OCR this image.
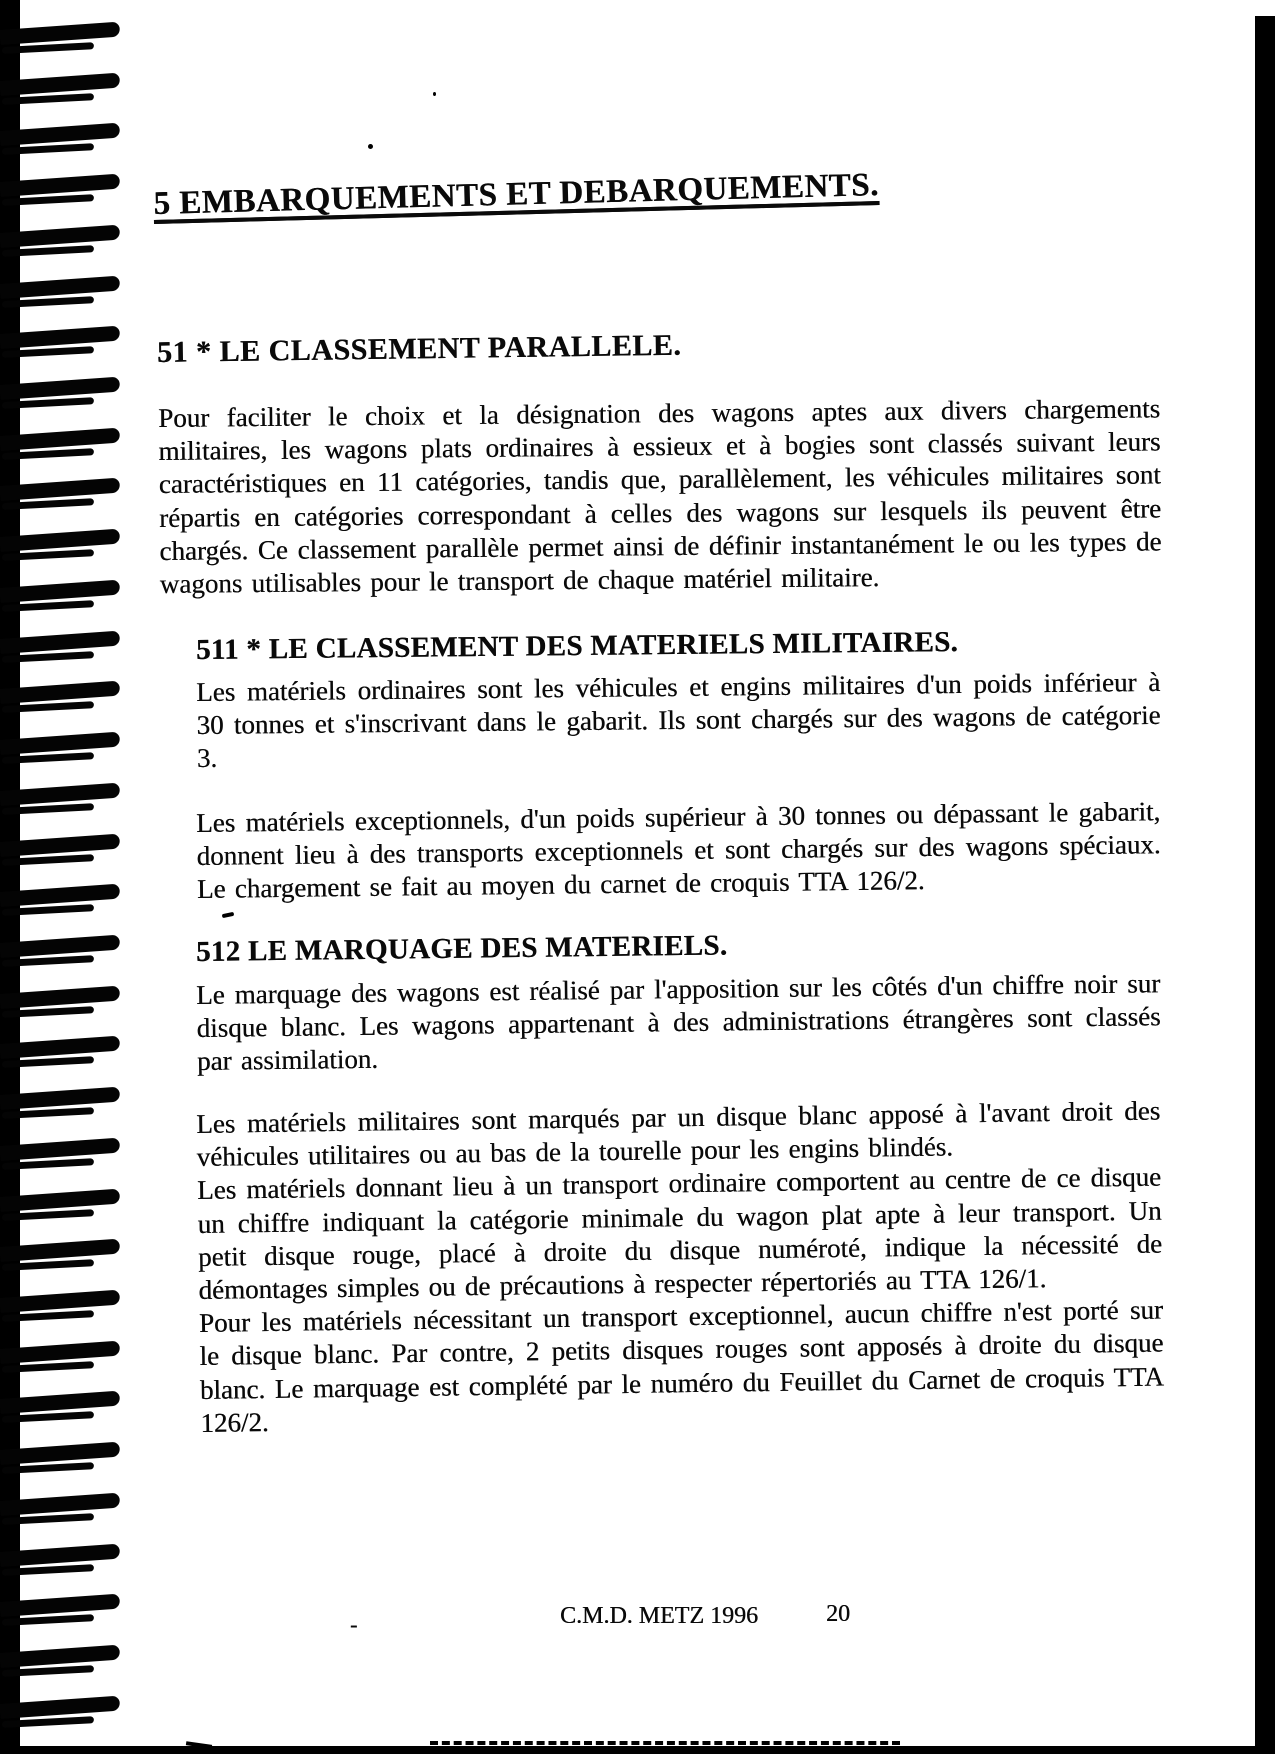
5 EMBARQUEMENTS ET DEBARQUEMENTS.
51 * LE CLASSEMENT PARALLELE.
Pour faciliter le choix et la désignation des wagons aptes aux divers chargements militaires, les wagons plats ordinaires à essieux et à bogies sont classés suivant leurs caractéristiques en 11 catégories, tandis que, parallèlement, les véhicules militaires sont répartis en catégories correspondant à celles des wagons sur lesquels ils peuvent être chargés. Ce classement parallèle permet ainsi de définir instantanément le ou les types de wagons utilisables pour le transport de chaque matériel militaire.
511 * LE CLASSEMENT DES MATERIELS MILITAIRES.
Les matériels ordinaires sont les véhicules et engins militaires d'un poids inférieur à 30 tonnes et s'inscrivant dans le gabarit. Ils sont chargés sur des wagons de catégorie 3.
Les matériels exceptionnels, d'un poids supérieur à 30 tonnes ou dépassant le gabarit, donnent lieu à des transports exceptionnels et sont chargés sur des wagons spéciaux. Le chargement se fait au moyen du carnet de croquis TTA 126/2.
512 LE MARQUAGE DES MATERIELS.
Le marquage des wagons est réalisé par l'apposition sur les côtés d'un chiffre noir sur disque blanc. Les wagons appartenant à des administrations étrangères sont classés par assimilation.

Les matériels militaires sont marqués par un disque blanc apposé à l'avant droit des véhicules utilitaires ou au bas de la tourelle pour les engins blindés.

Les matériels donnant lieu à un transport ordinaire comportent au centre de ce disque un chiffre indiquant la catégorie minimale du wagon plat apte à leur transport. Un petit disque rouge, placé à droite du disque numéroté, indique la nécessité de démontages simples ou de précautions à respecter répertoriés au TTA 126/1.

Pour les matériels nécessitant un transport exceptionnel, aucun chiffre n'est porté sur le disque blanc. Par contre, 2 petits disques rouges sont apposés à droite du disque blanc. Le marquage est complété par le numéro du Feuillet du Carnet de croquis TTA 126/2.

C.M.D. METZ 1996	20
-
